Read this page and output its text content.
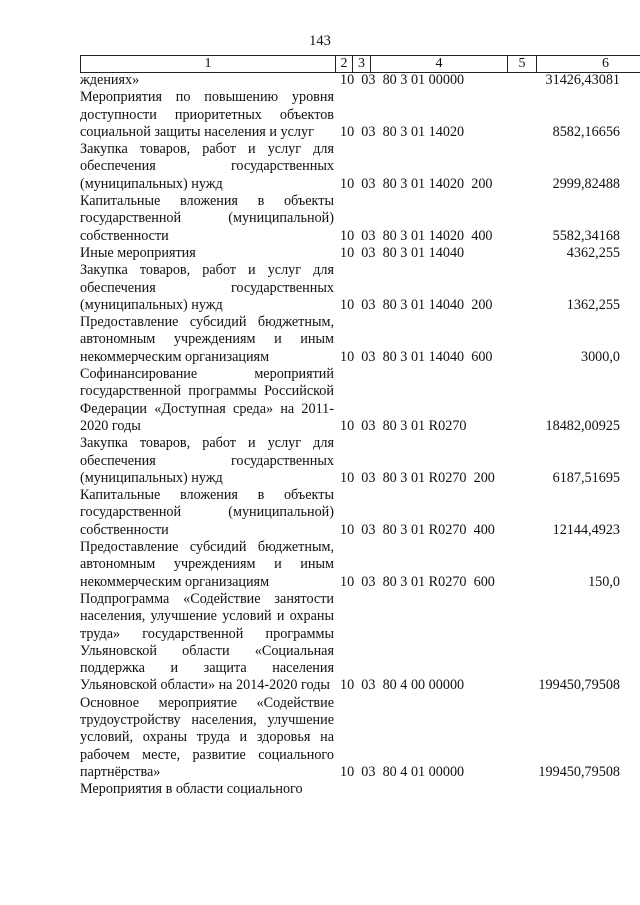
143
1	2 3	4	5	6
ждениях»	10  03  80 3 01 00000	31426,43081
Мероприятия по повышению уровня доступности приоритетных объектов социальной защиты населения и услуг	10  03  80 3 01 14020	8582,16656
Закупка товаров, работ и услуг для обеспечения государственных (муниципальных) нужд	10  03  80 3 01 14020  200	2999,82488
Капитальные вложения в объекты государственной (муниципальной) собственности	10  03  80 3 01 14020  400	5582,34168
Иные мероприятия	10  03  80 3 01 14040	4362,255
Закупка товаров, работ и услуг для обеспечения государственных (муниципальных) нужд	10  03  80 3 01 14040  200	1362,255
Предоставление субсидий бюджетным, автономным учреждениям и иным некоммерческим организациям	10  03  80 3 01 14040  600	3000,0
Софинансирование мероприятий государственной программы Российской Федерации «Доступная среда» на 2011-2020 годы	10  03  80 3 01 R0270	18482,00925
Закупка товаров, работ и услуг для обеспечения государственных (муниципальных) нужд	10  03  80 3 01 R0270  200	6187,51695
Капитальные вложения в объекты государственной (муниципальной) собственности	10  03  80 3 01 R0270  400	12144,4923
Предоставление субсидий бюджетным, автономным учреждениям и иным некоммерческим организациям	10  03  80 3 01 R0270  600	150,0
Подпрограмма «Содействие занятости населения, улучшение условий и охраны труда» государственной программы Ульяновской области «Социальная поддержка и защита населения Ульяновской области» на 2014-2020 годы 10  03  80 4 00 00000	199450,79508
Основное мероприятие «Содействие трудоустройству населения, улучшение условий, охраны труда и здоровья на рабочем месте, развитие социального партнёрства»	10  03  80 4 01 00000	199450,79508
Мероприятия в области социального
